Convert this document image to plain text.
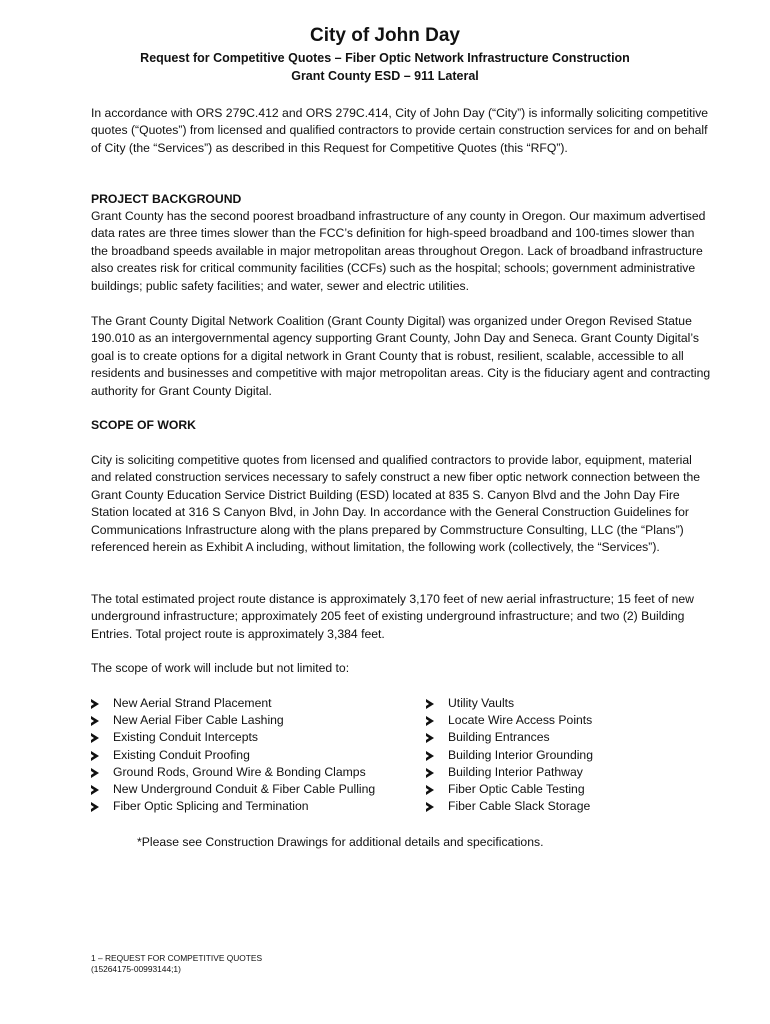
City of John Day
Request for Competitive Quotes – Fiber Optic Network Infrastructure Construction
Grant County ESD – 911 Lateral

In accordance with ORS 279C.412 and ORS 279C.414, City of John Day (“City”) is informally soliciting competitive quotes (“Quotes”) from licensed and qualified contractors to provide certain construction services for and on behalf of City (the “Services”) as described in this Request for Competitive Quotes (this “RFQ”).

PROJECT BACKGROUND

Grant County has the second poorest broadband infrastructure of any county in Oregon. Our maximum advertised data rates are three times slower than the FCC’s definition for high-speed broadband and 100-times slower than the broadband speeds available in major metropolitan areas throughout Oregon. Lack of broadband infrastructure also creates risk for critical community facilities (CCFs) such as the hospital; schools; government administrative buildings; public safety facilities; and water, sewer and electric utilities.

The Grant County Digital Network Coalition (Grant County Digital) was organized under Oregon Revised Statue 190.010 as an intergovernmental agency supporting Grant County, John Day and Seneca. Grant County Digital’s goal is to create options for a digital network in Grant County that is robust, resilient, scalable, accessible to all residents and businesses and competitive with major metropolitan areas. City is the fiduciary agent and contracting authority for Grant County Digital.

SCOPE OF WORK

City is soliciting competitive quotes from licensed and qualified contractors to provide labor, equipment, material and related construction services necessary to safely construct a new fiber optic network connection between the Grant County Education Service District Building (ESD) located at 835 S. Canyon Blvd and the John Day Fire Station located at 316 S Canyon Blvd, in John Day. In accordance with the General Construction Guidelines for Communications Infrastructure along with the plans prepared by Commstructure Consulting, LLC (the “Plans”) referenced herein as Exhibit A including, without limitation, the following work (collectively, the “Services”).

The total estimated project route distance is approximately 3,170 feet of new aerial infrastructure; 15 feet of new underground infrastructure; approximately 205 feet of existing underground infrastructure; and two (2) Building Entries. Total project route is approximately 3,384 feet.

The scope of work will include but not limited to:

New Aerial Strand Placement
New Aerial Fiber Cable Lashing
Existing Conduit Intercepts
Existing Conduit Proofing
Ground Rods, Ground Wire & Bonding Clamps
New Underground Conduit & Fiber Cable Pulling
Fiber Optic Splicing and Termination
Utility Vaults
Locate Wire Access Points
Building Entrances
Building Interior Grounding
Building Interior Pathway
Fiber Optic Cable Testing
Fiber Cable Slack Storage
*Please see Construction Drawings for additional details and specifications.
1 – REQUEST FOR COMPETITIVE QUOTES
(15264175-00993144;1)
